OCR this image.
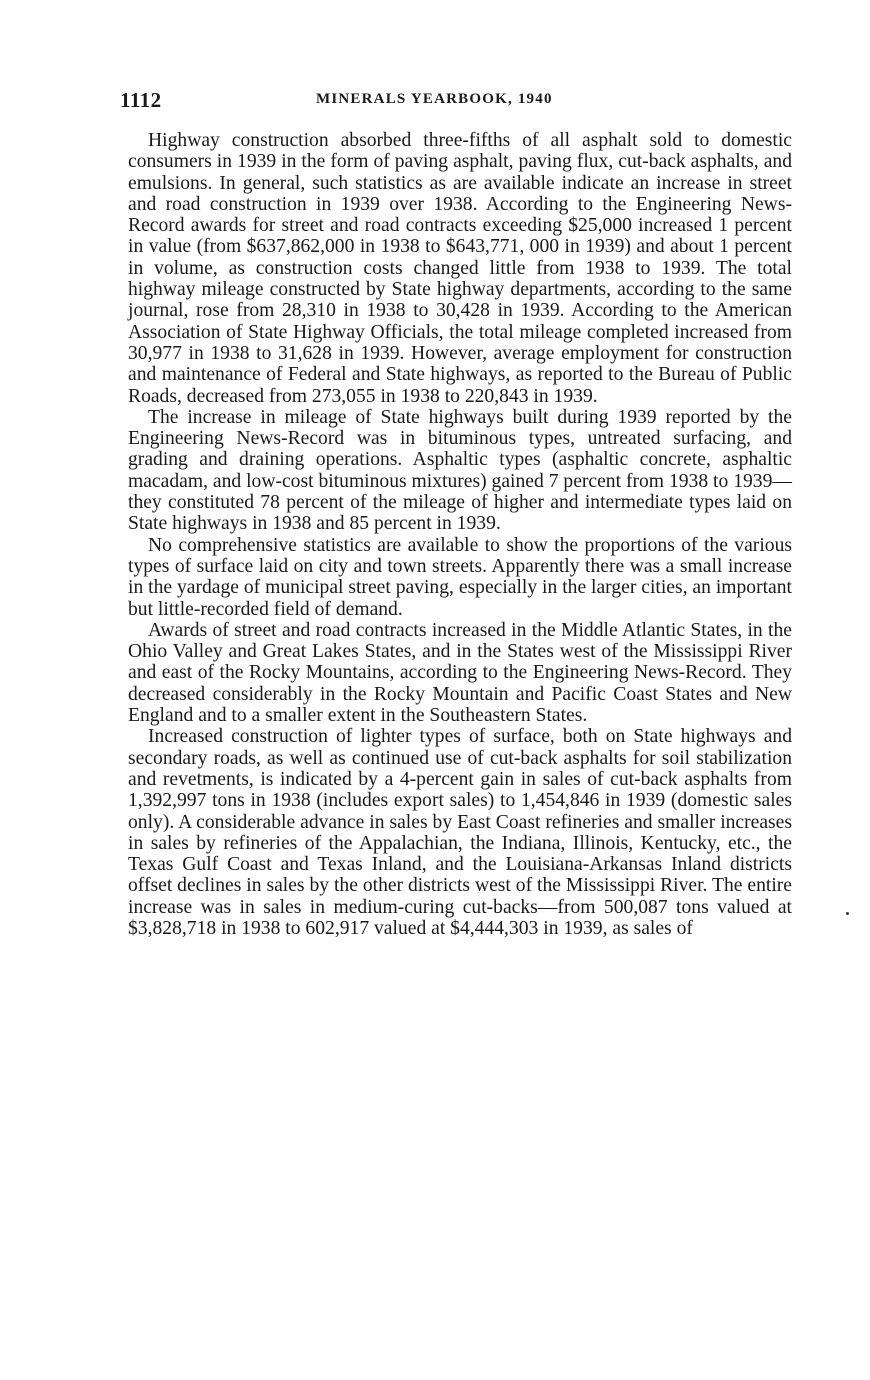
1112	MINERALS YEARBOOK, 1940

Highway construction absorbed three-fifths of all asphalt sold to domestic consumers in 1939 in the form of paving asphalt, paving flux, cut-back asphalts, and emulsions. In general, such statistics as are available indicate an increase in street and road construction in 1939 over 1938. According to the Engineering News-Record awards for street and road contracts exceeding $25,000 increased 1 percent in value (from $637,862,000 in 1938 to $643,771, 000 in 1939) and about 1 percent in volume, as construction costs changed little from 1938 to 1939. The total highway mileage constructed by State highway departments, according to the same journal, rose from 28,310 in 1938 to 30,428 in 1939. According to the American Association of State Highway Officials, the total mileage completed increased from 30,977 in 1938 to 31,628 in 1939. However, average employment for construction and maintenance of Federal and State highways, as reported to the Bureau of Public Roads, decreased from 273,055 in 1938 to 220,843 in 1939.

The increase in mileage of State highways built during 1939 reported by the Engineering News-Record was in bituminous types, untreated surfacing, and grading and draining operations. Asphaltic types (asphaltic concrete, asphaltic macadam, and low-cost bituminous mixtures) gained 7 percent from 1938 to 1939—they constituted 78 percent of the mileage of higher and intermediate types laid on State highways in 1938 and 85 percent in 1939.

No comprehensive statistics are available to show the proportions of the various types of surface laid on city and town streets. Apparently there was a small increase in the yardage of municipal street paving, especially in the larger cities, an important but little-recorded field of demand.

Awards of street and road contracts increased in the Middle Atlantic States, in the Ohio Valley and Great Lakes States, and in the States west of the Mississippi River and east of the Rocky Mountains, according to the Engineering News-Record. They decreased considerably in the Rocky Mountain and Pacific Coast States and New England and to a smaller extent in the Southeastern States.

Increased construction of lighter types of surface, both on State highways and secondary roads, as well as continued use of cut-back asphalts for soil stabilization and revetments, is indicated by a 4-percent gain in sales of cut-back asphalts from 1,392,997 tons in 1938 (includes export sales) to 1,454,846 in 1939 (domestic sales only). A considerable advance in sales by East Coast refineries and smaller increases in sales by refineries of the Appalachian, the Indiana, Illinois, Kentucky, etc., the Texas Gulf Coast and Texas Inland, and the Louisiana-Arkansas Inland districts offset declines in sales by the other districts west of the Mississippi River. The entire increase was in sales in medium-curing cut-backs—from 500,087 tons valued at $3,828,718 in 1938 to 602,917 valued at $4,444,303 in 1939, as sales of
